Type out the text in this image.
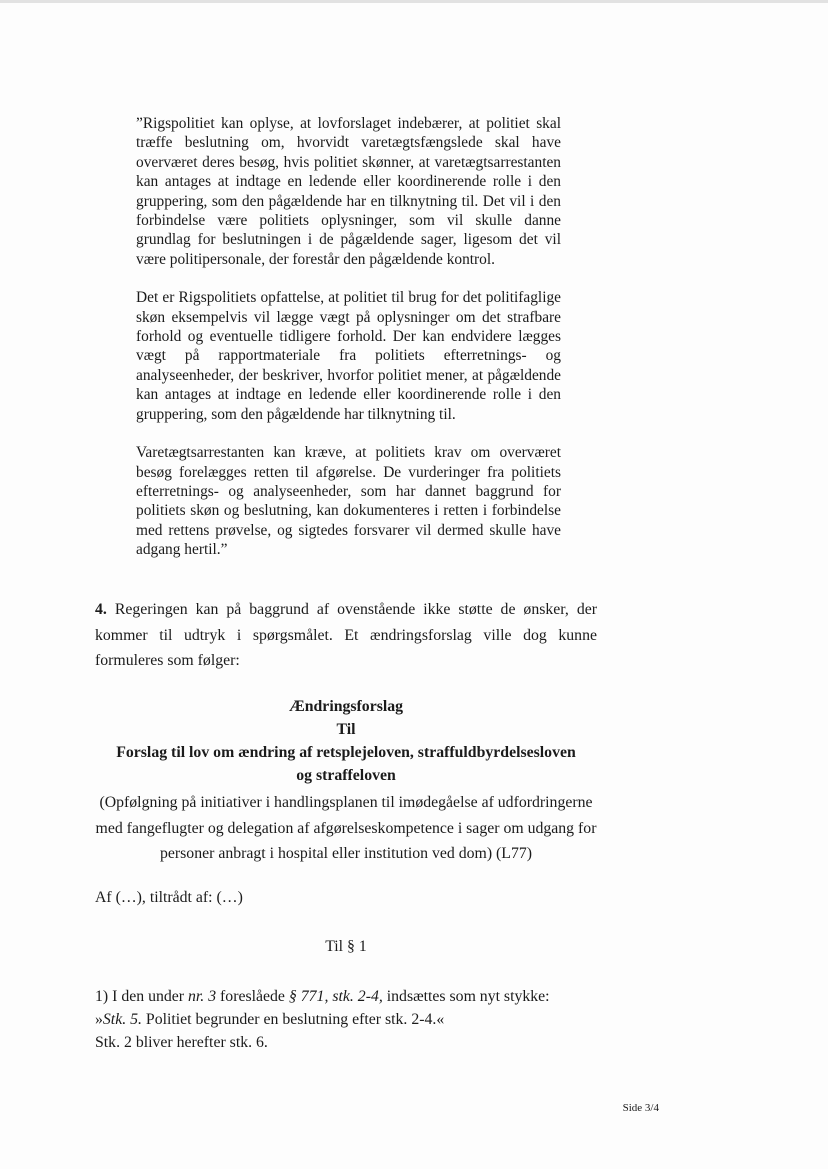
”Rigspolitiet kan oplyse, at lovforslaget indebærer, at politiet skal træffe beslutning om, hvorvidt varetægtsfængslede skal have overværet deres besøg, hvis politiet skønner, at varetægtsarrestanten kan antages at indtage en ledende eller koordinerende rolle i den gruppering, som den pågældende har en tilknytning til. Det vil i den forbindelse være politiets oplysninger, som vil skulle danne grundlag for beslutningen i de pågældende sager, ligesom det vil være politipersonale, der forestår den pågældende kontrol.

Det er Rigspolitiets opfattelse, at politiet til brug for det politifaglige skøn eksempelvis vil lægge vægt på oplysninger om det strafbare forhold og eventuelle tidligere forhold. Der kan endvidere lægges vægt på rapportmateriale fra politiets efterretnings- og analyseenheder, der beskriver, hvorfor politiet mener, at pågældende kan antages at indtage en ledende eller koordinerende rolle i den gruppering, som den pågældende har tilknytning til.

Varetægtsarrestanten kan kræve, at politiets krav om overværet besøg forelægges retten til afgørelse. De vurderinger fra politiets efterretnings- og analyseenheder, som har dannet baggrund for politiets skøn og beslutning, kan dokumenteres i retten i forbindelse med rettens prøvelse, og sigtedes forsvarer vil dermed skulle have adgang hertil.”

4. Regeringen kan på baggrund af ovenstående ikke støtte de ønsker, der kommer til udtryk i spørgsmålet. Et ændringsforslag ville dog kunne formuleres som følger:

Ændringsforslag

Til

Forslag til lov om ændring af retsplejeloven, straffuldbyrdelsesloven

og straffeloven

(Opfølgning på initiativer i handlingsplanen til imødegåelse af udfordringerne med fangeflugter og delegation af afgørelseskompetence i sager om udgang for personer anbragt i hospital eller institution ved dom) (L77)

Af (…), tiltrådt af: (…)

Til § 1

1) I den under nr. 3 foreslåede § 771, stk. 2-4, indsættes som nyt stykke:

»Stk. 5. Politiet begrunder en beslutning efter stk. 2-4.«

Stk. 2 bliver herefter stk. 6.

Side 3/4
